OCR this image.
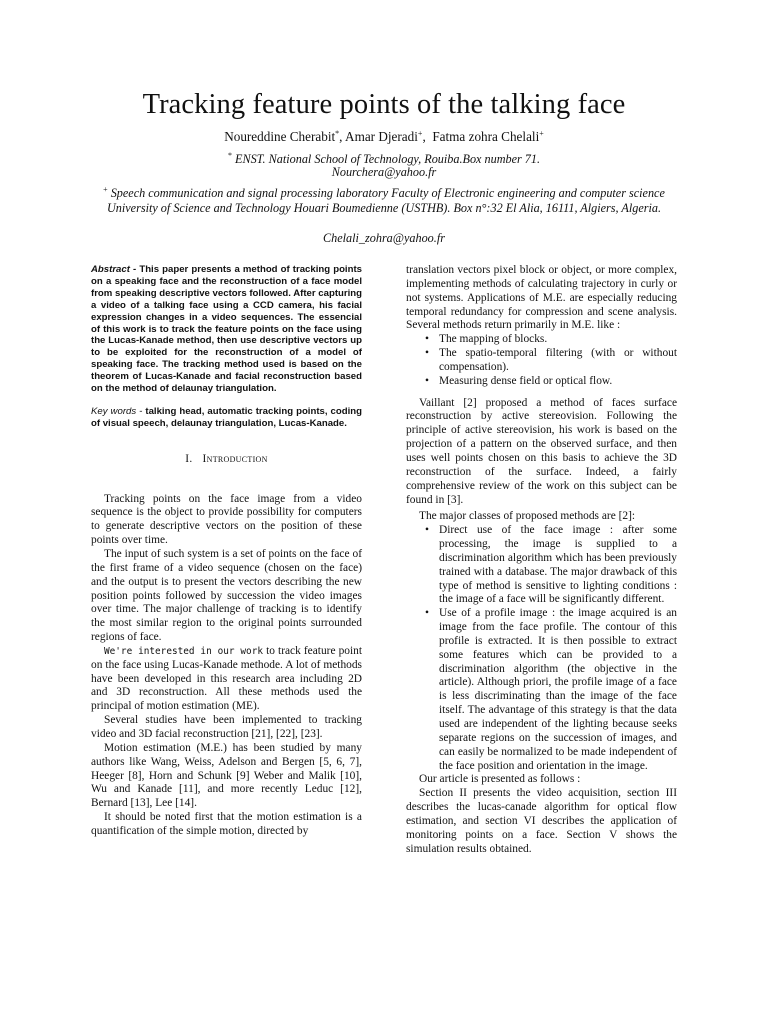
Tracking feature points of the talking face
Noureddine Cherabit*, Amar Djeradi+,  Fatma zohra Chelali+
* ENST. National School of Technology, Rouiba.Box number 71.
Nourchera@yahoo.fr
+ Speech communication and signal processing laboratory Faculty of Electronic engineering and computer science University of Science and Technology Houari Boumedienne (USTHB). Box n°:32 El Alia, 16111, Algiers, Algeria.
Chelali_zohra@yahoo.fr

Abstract - This paper presents a method of tracking points on a speaking face and the reconstruction of a face model from speaking descriptive vectors followed. After capturing a video of a talking face using a CCD camera, his facial expression changes in a video sequences. The essencial of this work is to track the feature points on the face using the Lucas-Kanade method, then use descriptive vectors up to be exploited for the reconstruction of a model of speaking face. The tracking method used is based on the theorem of Lucas-Kanade and facial reconstruction based on the method of delaunay triangulation.

Key words - talking head, automatic tracking points, coding of visual speech, delaunay triangulation, Lucas-Kanade.

I. Introduction

Tracking points on the face image from a video sequence is the object to provide possibility for computers to generate descriptive vectors on the position of these points over time.

The input of such system is a set of points on the face of the first frame of a video sequence (chosen on the face) and the output is to present the vectors describing the new position points followed by succession the video images over time. The major challenge of tracking is to identify the most similar region to the original points surrounded regions of face.

We're interested in our work to track feature point on the face using Lucas-Kanade methode. A lot of methods have been developed in this research area including 2D and 3D reconstruction. All these methods used the principal of motion estimation (ME).

Several studies have been implemented to tracking video and 3D facial reconstruction [21], [22], [23].

Motion estimation (M.E.) has been studied by many authors like Wang, Weiss, Adelson and Bergen [5, 6, 7], Heeger [8], Horn and Schunk [9] Weber and Malik [10], Wu and Kanade [11], and more recently Leduc [12], Bernard [13], Lee [14].

It should be noted first that the motion estimation is a quantification of the simple motion, directed by

translation vectors pixel block or object, or more complex, implementing methods of calculating trajectory in curly or not systems. Applications of M.E. are especially reducing temporal redundancy for compression and scene analysis. Several methods return primarily in M.E. like :

• The mapping of blocks.
• The spatio-temporal filtering (with or without compensation).
• Measuring dense field or optical flow.

Vaillant [2] proposed a method of faces surface reconstruction by active stereovision. Following the principle of active stereovision, his work is based on the projection of a pattern on the observed surface, and then uses well points chosen on this basis to achieve the 3D reconstruction of the surface. Indeed, a fairly comprehensive review of the work on this subject can be found in [3].

The major classes of proposed methods are [2]:

• Direct use of the face image : after some processing, the image is supplied to a discrimination algorithm which has been previously trained with a database. The major drawback of this type of method is sensitive to lighting conditions : the image of a face will be significantly different.
• Use of a profile image : the image acquired is an image from the face profile. The contour of this profile is extracted. It is then possible to extract some features which can be provided to a discrimination algorithm (the objective in the article). Although priori, the profile image of a face is less discriminating than the image of the face itself. The advantage of this strategy is that the data used are independent of the lighting because seeks separate regions on the succession of images, and can easily be normalized to be made independent of the face position and orientation in the image.

Our article is presented as follows :

Section II presents the video acquisition, section III describes the lucas-canade algorithm for optical flow estimation, and section VI describes the application of monitoring points on a face. Section V shows the simulation results obtained.
